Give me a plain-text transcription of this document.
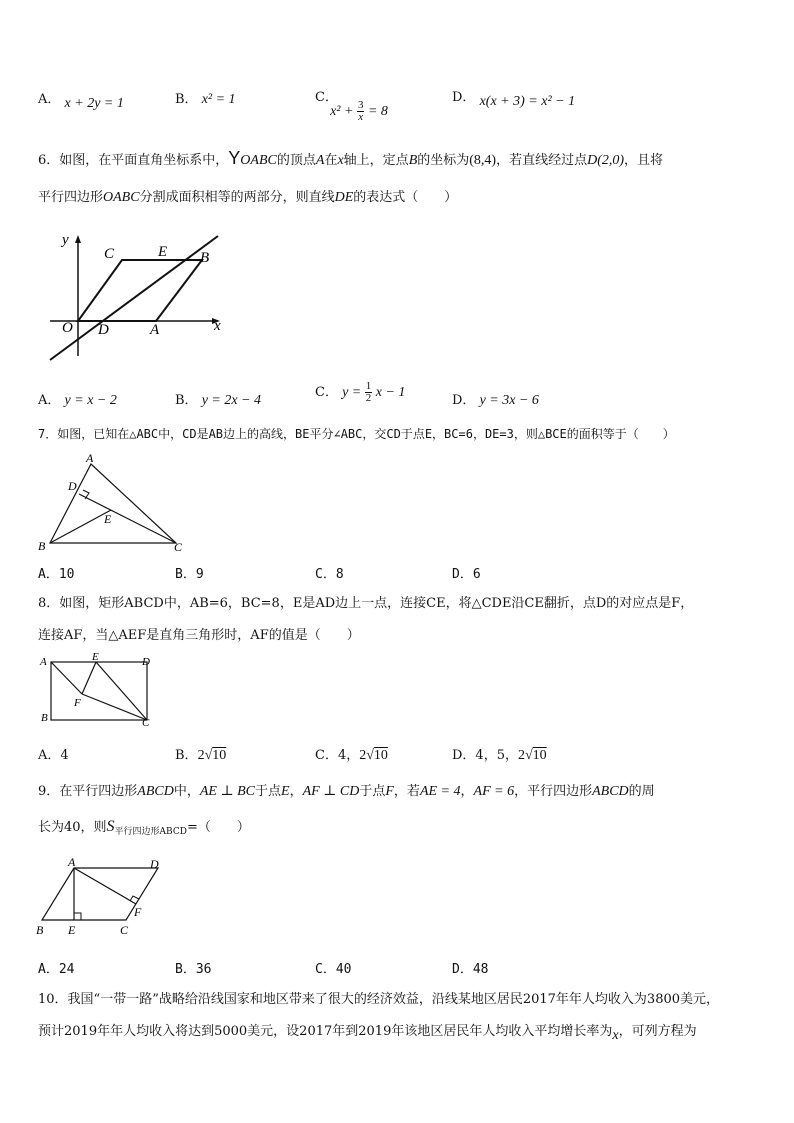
A． x + 2y = 1	B． x² = 1	C． $x^2 + \frac{3}{x} = 8$
D． x(x + 3) = x² − 1
6．如图，在平面直角坐标系中，YOABC的顶点A在x轴上，定点B的坐标为(8,4)，若直线经过点D(2,0)，且将
平行四边形OABC分割成面积相等的两部分，则直线DE的表达式（　　）
y
C	E B
O D	A	x
A． y = x − 2	B． y = 2x − 4
C． $y = \frac{1}{2}$ x − 1
D． y = 3x − 6
7．如图，已知在△ABC中，CD是AB边上的高线，BE平分∠ABC，交CD于点E，BC=6，DE=3，则△BCE的面积等于（　　）
A
D
E
B	C
A．10	B．9	C．8	D．6
8．如图，矩形ABCD中，AB=6，BC=8，E是AD边上一点，连接CE，将△CDE沿CE翻折，点D的对应点是F，
连接AF，当△AEF是直角三角形时，AF的值是（　　）
A	E	D
F
B	C
A．4	B．2√10	C．4，2√10	D．4，5，2√10
9．在平行四边形ABCD中，AE ⊥ BC于点E，AF ⊥ CD于点F，若AE = 4，AF = 6，平行四边形ABCD的周
长为40，则$S_{平行四边形ABCD}=$（　　）
A	D
F
B E	C
A．24	B．36	C．40	D．48
10．我国“一带一路”战略给沿线国家和地区带来了很大的经济效益，沿线某地区居民2017年年人均收入为3800美元，
预计2019年年人均收入将达到5000美元，设2017年到2019年该地区居民年人均收入平均增长率为x，可列方程为
